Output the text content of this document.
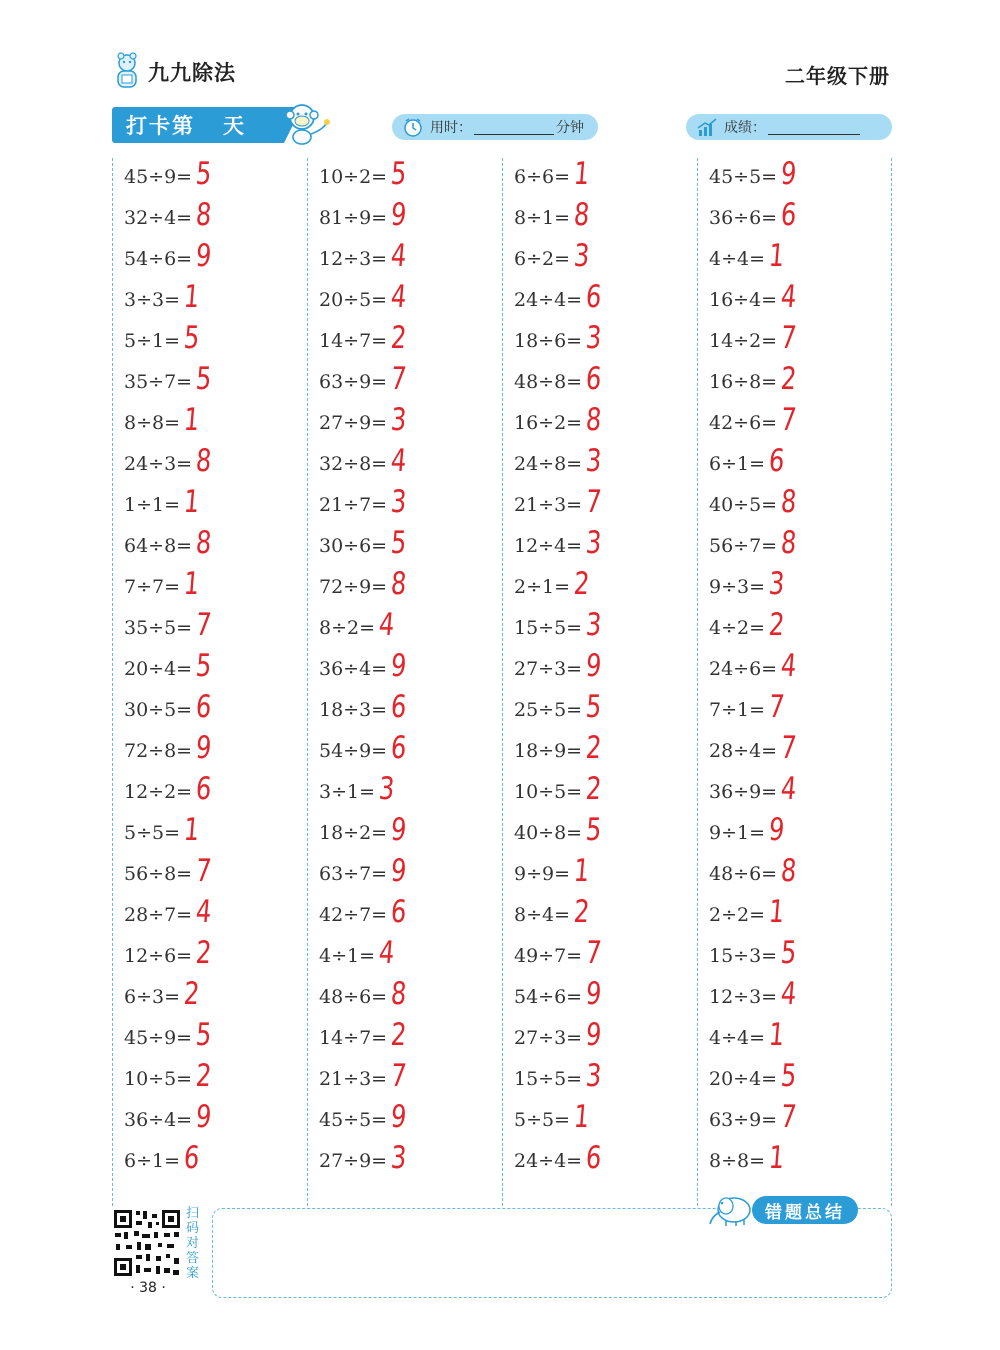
九九除法	二年级下册
打卡第 天	用时：	分钟	成绩：
45÷9= 5
32÷4= 8
54÷6= 9
3÷3= 1
5÷1= 5
35÷7= 5
8÷8= 1
24÷3= 8
1÷1= 1
64÷8= 8
7÷7= 1
35÷5= 7
20÷4= 5
30÷5= 6
72÷8= 9
12÷2= 6
5÷5= 1
56÷8= 7
28÷7= 4
12÷6= 2
6÷3= 2
45÷9= 5
10÷5= 2
36÷4= 9
6÷1= 6
10÷2= 5
81÷9= 9
12÷3= 4
20÷5= 4
14÷7= 2
63÷9= 7
27÷9= 3
32÷8= 4
21÷7= 3
30÷6= 5
72÷9= 8
8÷2= 4
36÷4= 9
18÷3= 6
54÷9= 6
3÷1= 3
18÷2= 9
63÷7= 9
42÷7= 6
4÷1= 4
48÷6= 8
14÷7= 2
21÷3= 7
45÷5= 9
27÷9= 3
6÷6= 1
8÷1= 8
6÷2= 3
24÷4= 6
18÷6= 3
48÷8= 6
16÷2= 8
24÷8= 3
21÷3= 7
12÷4= 3
2÷1= 2
15÷5= 3
27÷3= 9
25÷5= 5
18÷9= 2
10÷5= 2
40÷8= 5
9÷9= 1
8÷4= 2
49÷7= 7
54÷6= 9
27÷3= 9
15÷5= 3
5÷5= 1
24÷4= 6
45÷5= 9
36÷6= 6
4÷4= 1
16÷4= 4
14÷2= 7
16÷8= 2
42÷6= 7
6÷1= 6
40÷5= 8
56÷7= 8
9÷3= 3
4÷2= 2
24÷6= 4
7÷1= 7
28÷4= 7
36÷9= 4
9÷1= 9
48÷6= 8
2÷2= 1
15÷3= 5
12÷3= 4
4÷4= 1
20÷4= 5
63÷9= 7
8÷8= 1
扫码对答案
· 38 ·
错题总结
